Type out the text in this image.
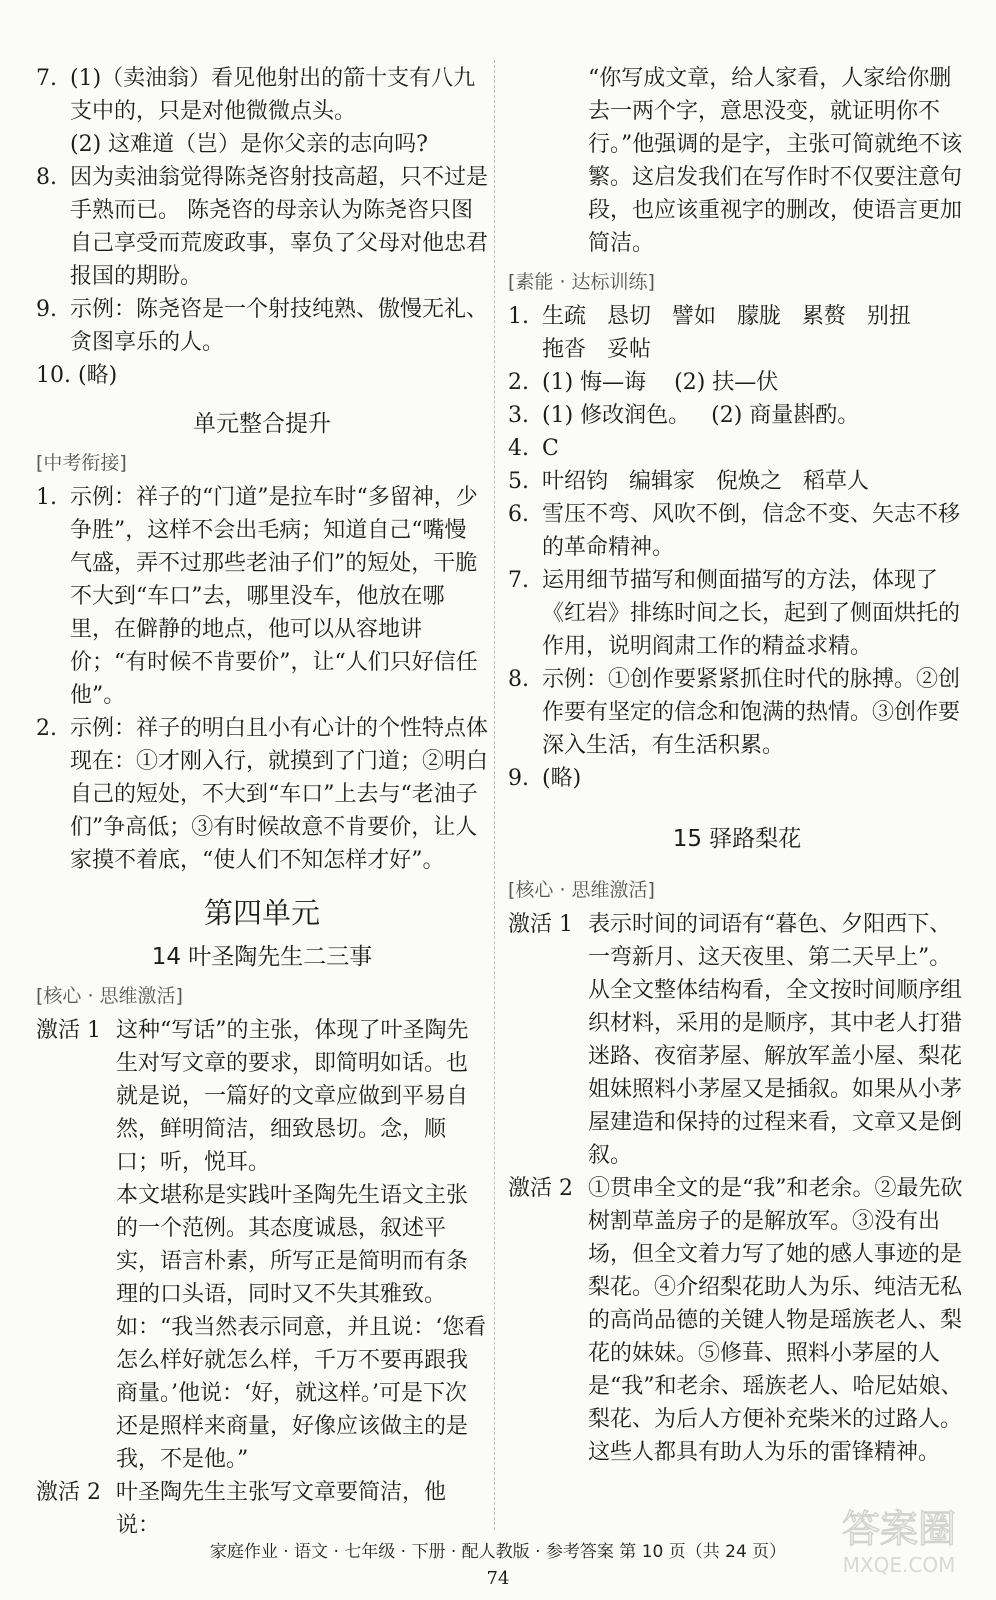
7. (1)（卖油翁）看见他射出的箭十支有八九支中的，只是对他微微点头。

(2) 这难道（岂）是你父亲的志向吗?

8. 因为卖油翁觉得陈尧咨射技高超，只不过是手熟而已。 陈尧咨的母亲认为陈尧咨只图自己享受而荒废政事，辜负了父母对他忠君报国的期盼。

9. 示例：陈尧咨是一个射技纯熟、傲慢无礼、贪图享乐的人。

10. (略)

单元整合提升
[中考衔接]
1. 示例：祥子的“门道”是拉车时“多留神，少争胜”，这样不会出毛病；知道自己“嘴慢气盛，弄不过那些老油子们”的短处，干脆不大到“车口”去，哪里没车，他放在哪里，在僻静的地点，他可以从容地讲价；“有时候不肯要价”，让“人们只好信任他”。

2. 示例：祥子的明白且小有心计的个性特点体现在：①才刚入行，就摸到了门道；②明白自己的短处，不大到“车口”上去与“老油子们”争高低；③有时候故意不肯要价，让人家摸不着底，“使人们不知怎样才好”。

第四单元
14 叶圣陶先生二三事
[核心 · 思维激活]
激活 1 这种“写话”的主张，体现了叶圣陶先生对写文章的要求，即简明如话。也就是说，一篇好的文章应做到平易自然，鲜明简洁，细致恳切。念，顺口；听，悦耳。

本文堪称是实践叶圣陶先生语文主张的一个范例。其态度诚恳，叙述平实，语言朴素，所写正是简明而有条理的口头语，同时又不失其雅致。如：“我当然表示同意，并且说：‘您看怎么样好就怎么样，千万不要再跟我商量。’他说：‘好，就这样。’可是下次还是照样来商量，好像应该做主的是我，不是他。”

激活 2 叶圣陶先生主张写文章要简洁，他说：

“你写成文章，给人家看，人家给你删去一两个字，意思没变，就证明你不行。”他强调的是字，主张可简就绝不该繁。这启发我们在写作时不仅要注意句段，也应该重视字的删改，使语言更加简洁。

[素能 · 达标训练]
1. 生疏   恳切   譬如   朦胧   累赘   别扭

拖沓   妥帖

2. (1) 悔—诲    (2) 扶—伏

3. (1) 修改润色。   (2) 商量斟酌。

4. C

5. 叶绍钧   编辑家   倪焕之   稻草人

6. 雪压不弯、风吹不倒，信念不变、矢志不移的革命精神。

7. 运用细节描写和侧面描写的方法，体现了《红岩》排练时间之长，起到了侧面烘托的作用，说明阎肃工作的精益求精。

8. 示例：①创作要紧紧抓住时代的脉搏。②创作要有坚定的信念和饱满的热情。③创作要深入生活，有生活积累。

9. (略)

15 驿路梨花
[核心 · 思维激活]
激活 1 表示时间的词语有“暮色、夕阳西下、一弯新月、这天夜里、第二天早上”。从全文整体结构看，全文按时间顺序组织材料，采用的是顺序，其中老人打猎迷路、夜宿茅屋、解放军盖小屋、梨花姐妹照料小茅屋又是插叙。如果从小茅屋建造和保持的过程来看，文章又是倒叙。

激活 2 ①贯串全文的是“我”和老余。②最先砍树割草盖房子的是解放军。③没有出场，但全文着力写了她的感人事迹的是梨花。④介绍梨花助人为乐、纯洁无私的高尚品德的关键人物是瑶族老人、梨花的妹妹。⑤修葺、照料小茅屋的人是“我”和老余、瑶族老人、哈尼姑娘、梨花、为后人方便补充柴米的过路人。这些人都具有助人为乐的雷锋精神。

家庭作业 · 语文 · 七年级 · 下册 · 配人教版 · 参考答案 第 10 页（共 24 页）
74
答案圈
MXQE.COM
